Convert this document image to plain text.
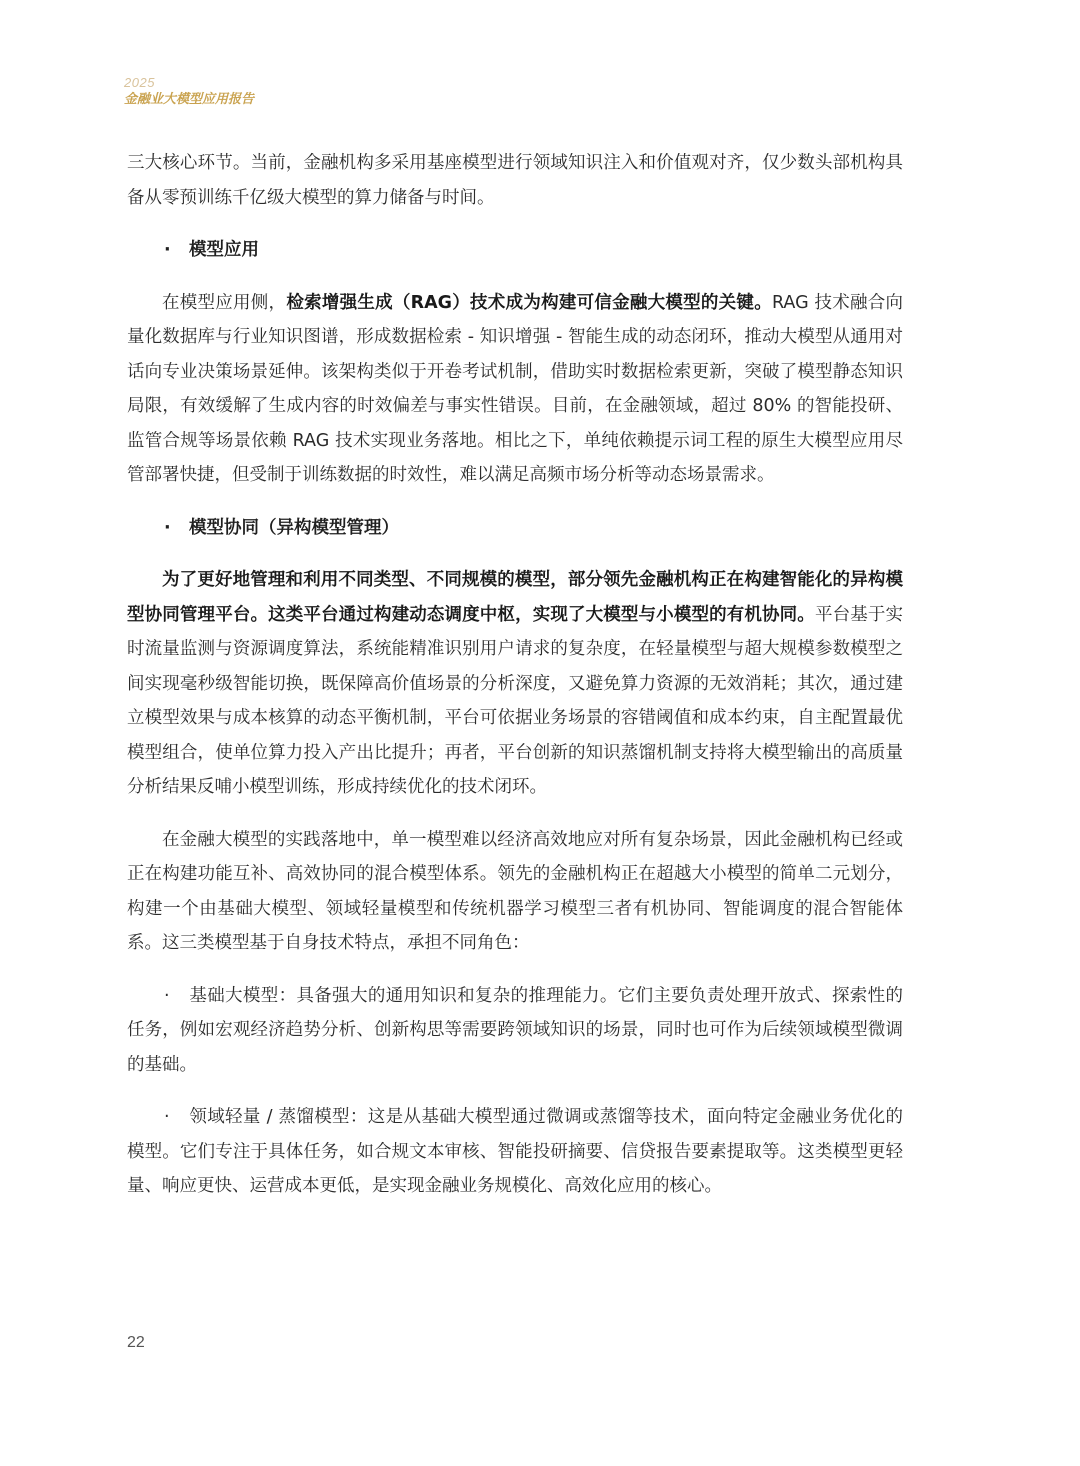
2025
金融业大模型应用报告

三大核心环节。当前，金融机构多采用基座模型进行领域知识注入和价值观对齐，仅少数头部机构具备从零预训练千亿级大模型的算力储备与时间。

· 模型应用

在模型应用侧，检索增强生成（RAG）技术成为构建可信金融大模型的关键。RAG 技术融合向量化数据库与行业知识图谱，形成数据检索 - 知识增强 - 智能生成的动态闭环，推动大模型从通用对话向专业决策场景延伸。该架构类似于开卷考试机制，借助实时数据检索更新，突破了模型静态知识局限，有效缓解了生成内容的时效偏差与事实性错误。目前，在金融领域，超过 80% 的智能投研、监管合规等场景依赖 RAG 技术实现业务落地。相比之下，单纯依赖提示词工程的原生大模型应用尽管部署快捷，但受制于训练数据的时效性，难以满足高频市场分析等动态场景需求。

· 模型协同（异构模型管理）

为了更好地管理和利用不同类型、不同规模的模型，部分领先金融机构正在构建智能化的异构模型协同管理平台。这类平台通过构建动态调度中枢，实现了大模型与小模型的有机协同。平台基于实时流量监测与资源调度算法，系统能精准识别用户请求的复杂度，在轻量模型与超大规模参数模型之间实现毫秒级智能切换，既保障高价值场景的分析深度，又避免算力资源的无效消耗；其次，通过建立模型效果与成本核算的动态平衡机制，平台可依据业务场景的容错阈值和成本约束，自主配置最优模型组合，使单位算力投入产出比提升；再者，平台创新的知识蒸馏机制支持将大模型输出的高质量分析结果反哺小模型训练，形成持续优化的技术闭环。

在金融大模型的实践落地中，单一模型难以经济高效地应对所有复杂场景，因此金融机构已经或正在构建功能互补、高效协同的混合模型体系。领先的金融机构正在超越大小模型的简单二元划分，构建一个由基础大模型、领域轻量模型和传统机器学习模型三者有机协同、智能调度的混合智能体系。这三类模型基于自身技术特点，承担不同角色：

· 基础大模型：具备强大的通用知识和复杂的推理能力。它们主要负责处理开放式、探索性的任务，例如宏观经济趋势分析、创新构思等需要跨领域知识的场景，同时也可作为后续领域模型微调的基础。

· 领域轻量 / 蒸馏模型：这是从基础大模型通过微调或蒸馏等技术，面向特定金融业务优化的模型。它们专注于具体任务，如合规文本审核、智能投研摘要、信贷报告要素提取等。这类模型更轻量、响应更快、运营成本更低，是实现金融业务规模化、高效化应用的核心。

22
